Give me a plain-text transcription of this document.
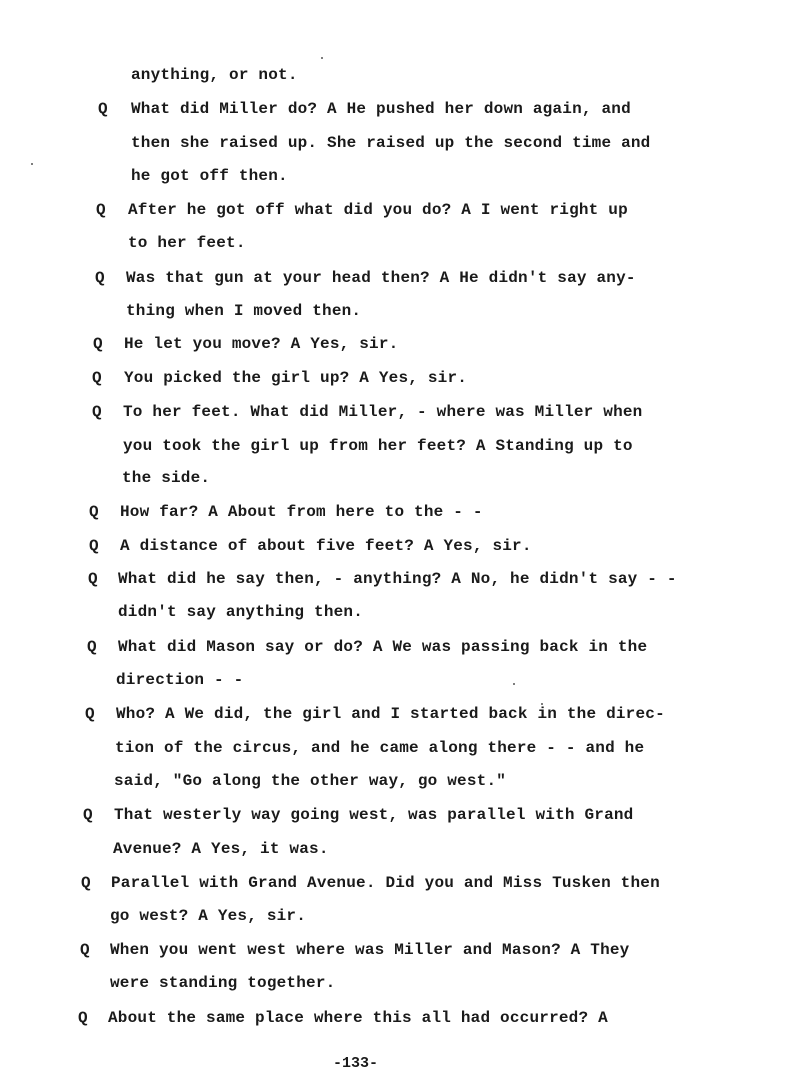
anything, or not.
Q What did Miller do? A He pushed her down again, and
then she raised up. She raised up the second time and
he got off then.
Q After he got off what did you do? A I went right up
to her feet.
Q Was that gun at your head then? A He didn't say any-
thing when I moved then.
Q He let you move? A Yes, sir.
Q You picked the girl up? A Yes, sir.
Q To her feet. What did Miller, - where was Miller when
you took the girl up from her feet? A Standing up to
the side.
Q How far? A About from here to the - -
Q A distance of about five feet? A Yes, sir.
Q What did he say then, - anything? A No, he didn't say - -
didn't say anything then.
Q What did Mason say or do? A We was passing back in the
direction - -
Q Who? A We did, the girl and I started back in the direc-
tion of the circus, and he came along there - - and he
said, "Go along the other way, go west."
Q That westerly way going west, was parallel with Grand
Avenue? A Yes, it was.
Q Parallel with Grand Avenue. Did you and Miss Tusken then
go west? A Yes, sir.
Q When you went west where was Miller and Mason? A They
were standing together.
Q About the same place where this all had occurred? A
-133-
